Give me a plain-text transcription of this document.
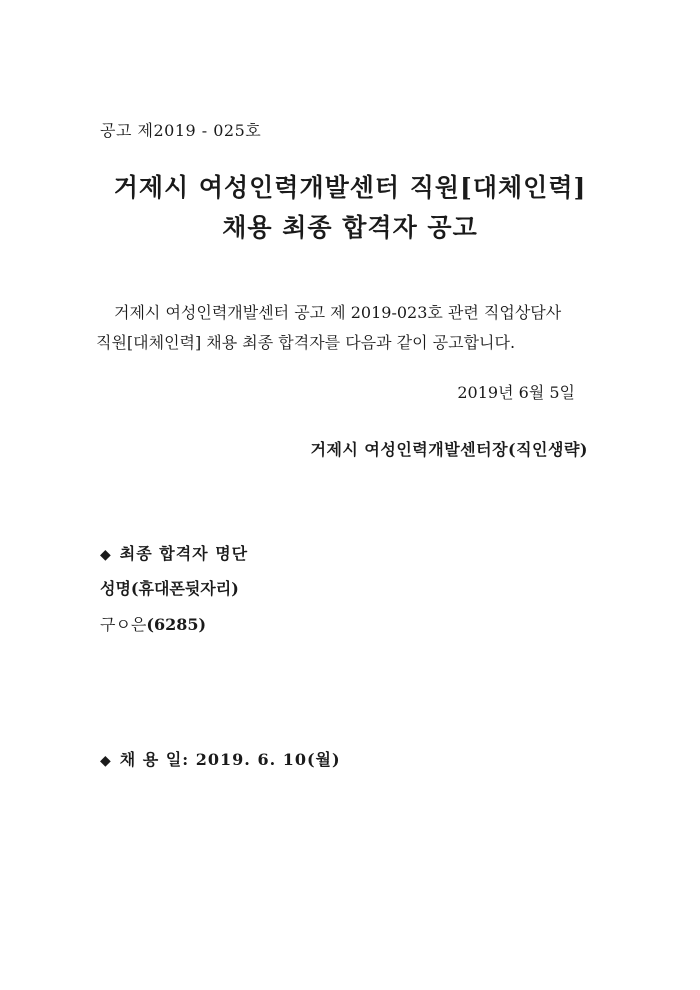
공고 제2019 - 025호
거제시 여성인력개발센터 직원[대체인력]
채용 최종 합격자 공고
거제시 여성인력개발센터 공고 제 2019-023호 관련 직업상담사
직원[대체인력] 채용 최종 합격자를 다음과 같이 공고합니다.
2019년 6월 5일
거제시 여성인력개발센터장(직인생략)
◆ 최종 합격자 명단
성명(휴대폰뒷자리)
구ㅇ은(6285)
◆ 채 용 일: 2019. 6. 10(월)
